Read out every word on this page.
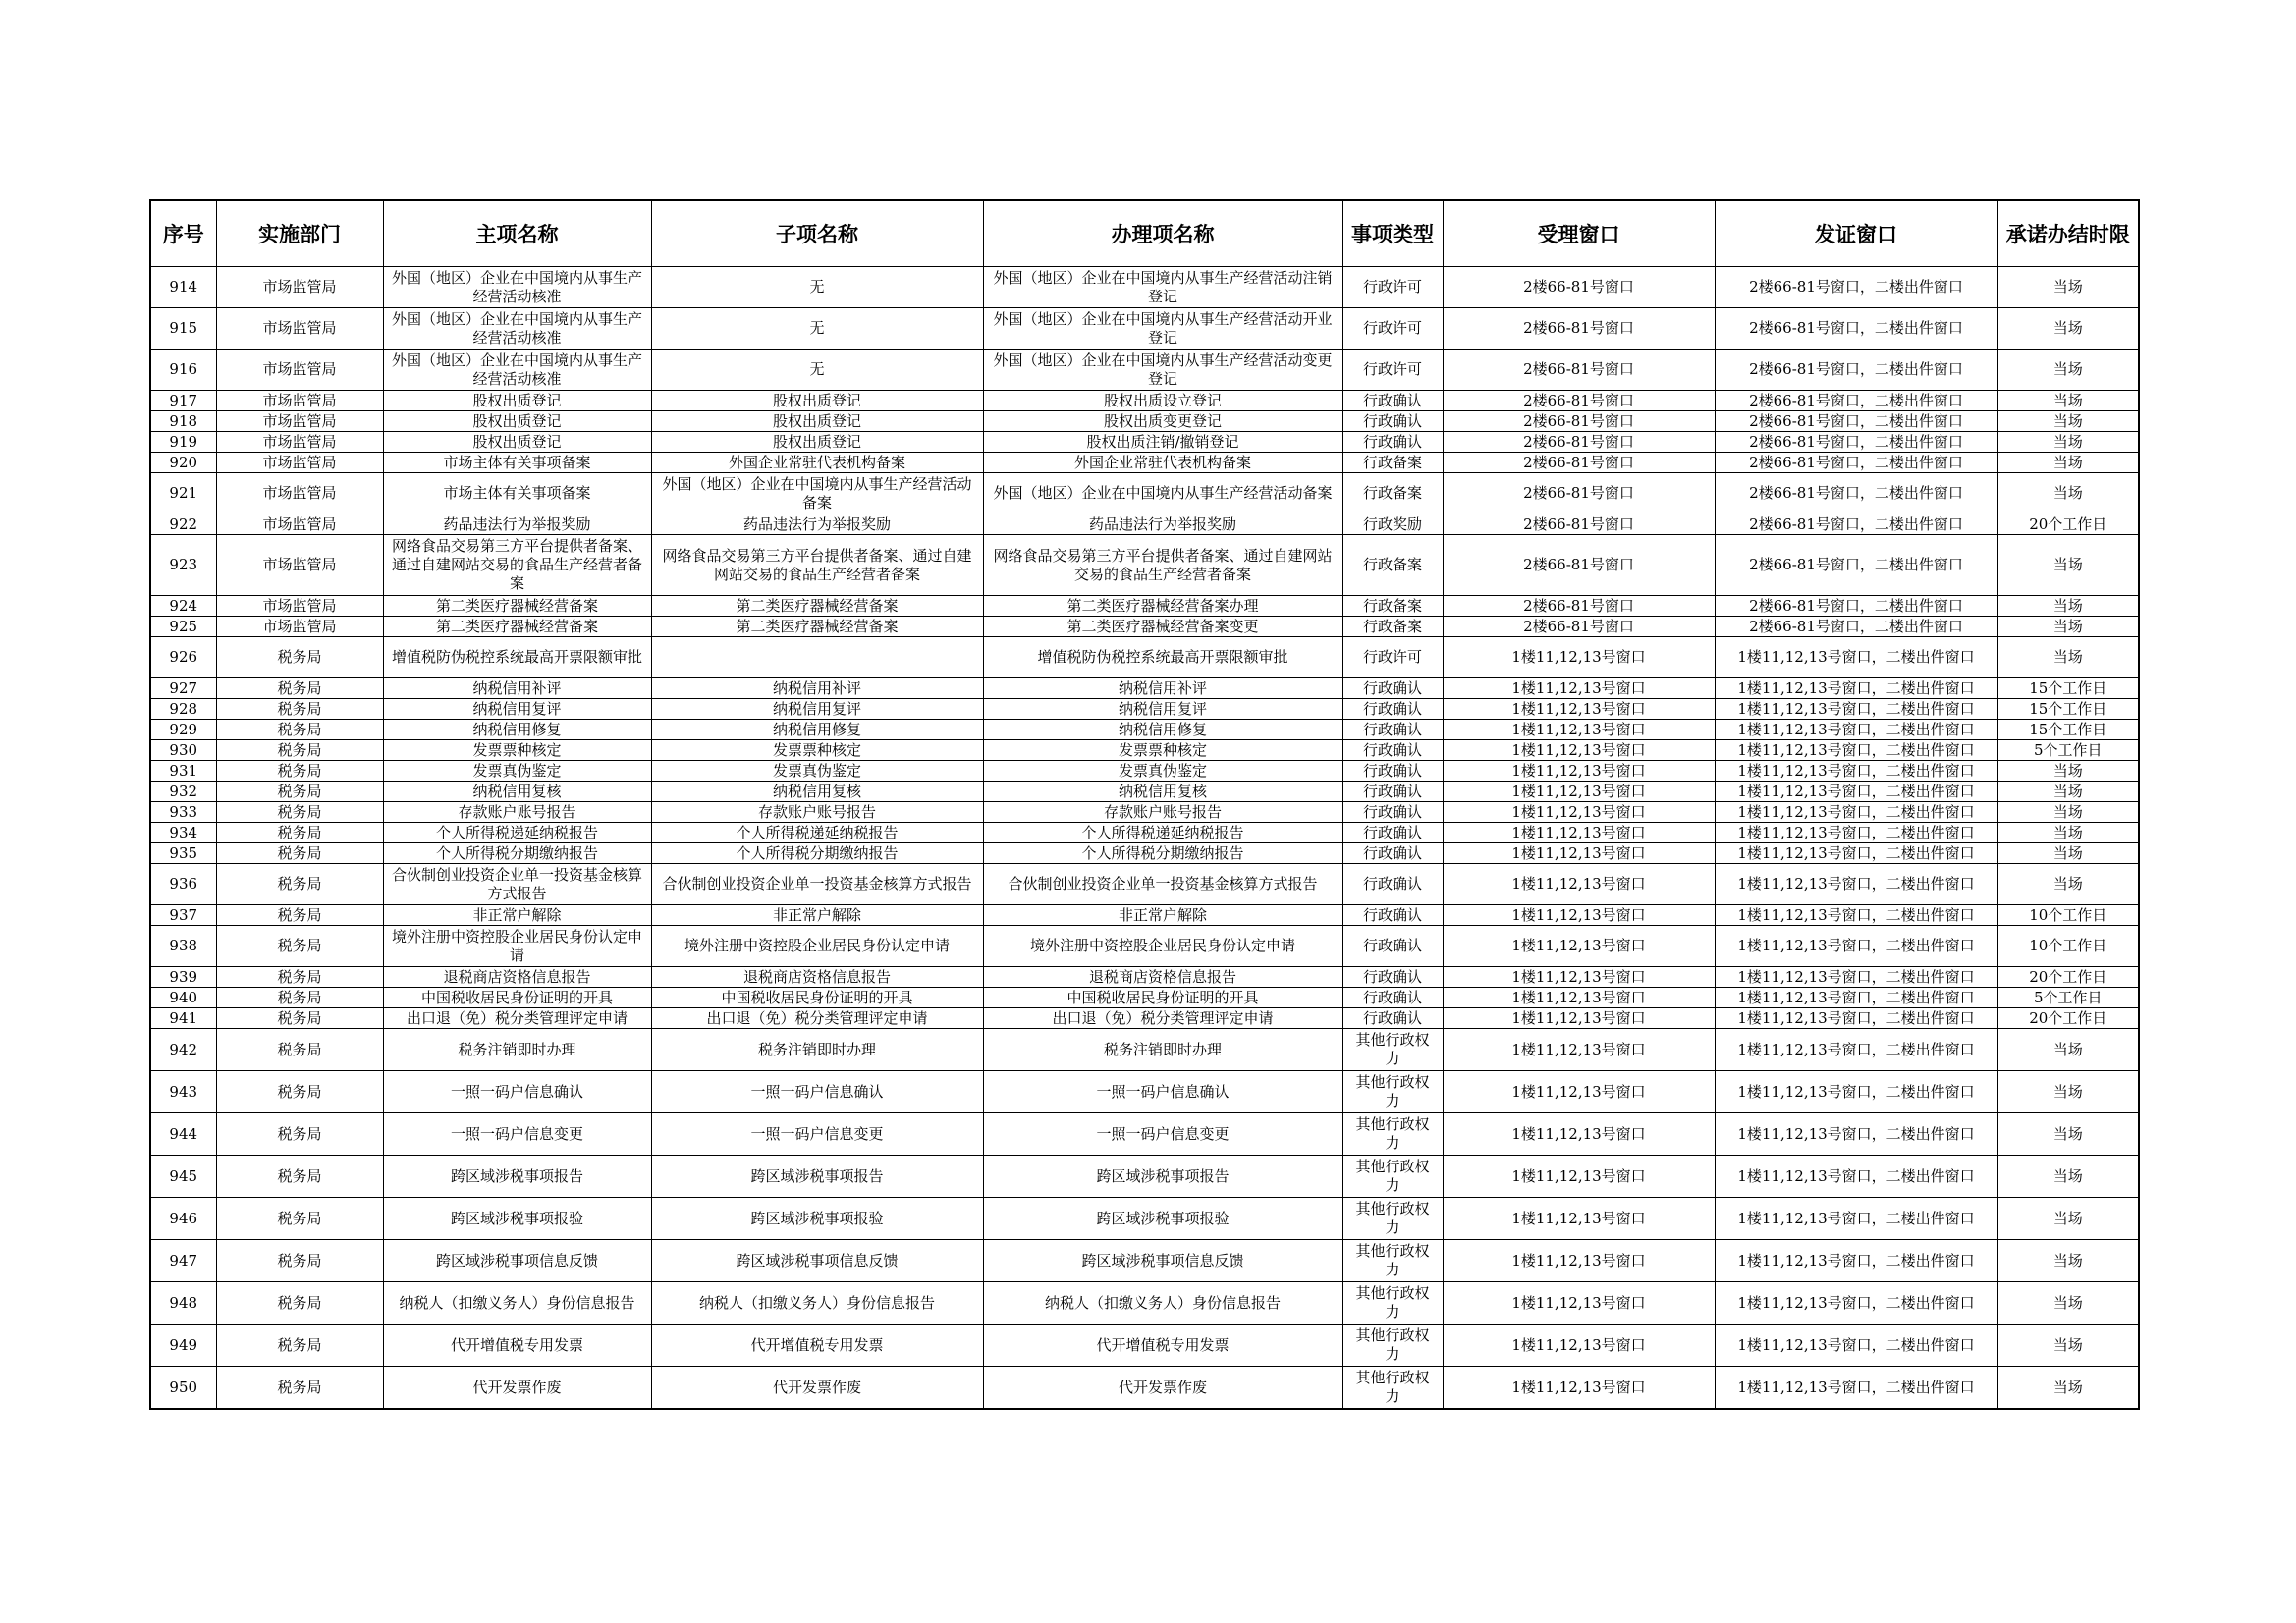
序号	实施部门	主项名称	子项名称	办理项名称	事项类型	受理窗口	发证窗口	承诺办结时限
914	市场监管局	外国（地区）企业在中国境内从事生产经营活动核准	无	外国（地区）企业在中国境内从事生产经营活动注销登记	行政许可	2楼66-81号窗口	2楼66-81号窗口，二楼出件窗口	当场
915	市场监管局	外国（地区）企业在中国境内从事生产经营活动核准	无	外国（地区）企业在中国境内从事生产经营活动开业登记	行政许可	2楼66-81号窗口	2楼66-81号窗口，二楼出件窗口	当场
916	市场监管局	外国（地区）企业在中国境内从事生产经营活动核准	无	外国（地区）企业在中国境内从事生产经营活动变更登记	行政许可	2楼66-81号窗口	2楼66-81号窗口，二楼出件窗口	当场
917	市场监管局	股权出质登记	股权出质登记	股权出质设立登记	行政确认	2楼66-81号窗口	2楼66-81号窗口，二楼出件窗口	当场
918	市场监管局	股权出质登记	股权出质登记	股权出质变更登记	行政确认	2楼66-81号窗口	2楼66-81号窗口，二楼出件窗口	当场
919	市场监管局	股权出质登记	股权出质登记	股权出质注销/撤销登记	行政确认	2楼66-81号窗口	2楼66-81号窗口，二楼出件窗口	当场
920	市场监管局	市场主体有关事项备案	外国企业常驻代表机构备案	外国企业常驻代表机构备案	行政备案	2楼66-81号窗口	2楼66-81号窗口，二楼出件窗口	当场
921	市场监管局	市场主体有关事项备案	外国（地区）企业在中国境内从事生产经营活动备案	外国（地区）企业在中国境内从事生产经营活动备案	行政备案	2楼66-81号窗口	2楼66-81号窗口，二楼出件窗口	当场
922	市场监管局	药品违法行为举报奖励	药品违法行为举报奖励	药品违法行为举报奖励	行政奖励	2楼66-81号窗口	2楼66-81号窗口，二楼出件窗口	20个工作日
923	市场监管局	网络食品交易第三方平台提供者备案、通过自建网站交易的食品生产经营者备案	网络食品交易第三方平台提供者备案、通过自建网站交易的食品生产经营者备案	网络食品交易第三方平台提供者备案、通过自建网站交易的食品生产经营者备案	行政备案	2楼66-81号窗口	2楼66-81号窗口，二楼出件窗口	当场
924	市场监管局	第二类医疗器械经营备案	第二类医疗器械经营备案	第二类医疗器械经营备案办理	行政备案	2楼66-81号窗口	2楼66-81号窗口，二楼出件窗口	当场
925	市场监管局	第二类医疗器械经营备案	第二类医疗器械经营备案	第二类医疗器械经营备案变更	行政备案	2楼66-81号窗口	2楼66-81号窗口，二楼出件窗口	当场
926	税务局	增值税防伪税控系统最高开票限额审批		增值税防伪税控系统最高开票限额审批	行政许可	1楼11,12,13号窗口	1楼11,12,13号窗口，二楼出件窗口	当场
927	税务局	纳税信用补评	纳税信用补评	纳税信用补评	行政确认	1楼11,12,13号窗口	1楼11,12,13号窗口，二楼出件窗口	15个工作日
928	税务局	纳税信用复评	纳税信用复评	纳税信用复评	行政确认	1楼11,12,13号窗口	1楼11,12,13号窗口，二楼出件窗口	15个工作日
929	税务局	纳税信用修复	纳税信用修复	纳税信用修复	行政确认	1楼11,12,13号窗口	1楼11,12,13号窗口，二楼出件窗口	15个工作日
930	税务局	发票票种核定	发票票种核定	发票票种核定	行政确认	1楼11,12,13号窗口	1楼11,12,13号窗口，二楼出件窗口	5个工作日
931	税务局	发票真伪鉴定	发票真伪鉴定	发票真伪鉴定	行政确认	1楼11,12,13号窗口	1楼11,12,13号窗口，二楼出件窗口	当场
932	税务局	纳税信用复核	纳税信用复核	纳税信用复核	行政确认	1楼11,12,13号窗口	1楼11,12,13号窗口，二楼出件窗口	当场
933	税务局	存款账户账号报告	存款账户账号报告	存款账户账号报告	行政确认	1楼11,12,13号窗口	1楼11,12,13号窗口，二楼出件窗口	当场
934	税务局	个人所得税递延纳税报告	个人所得税递延纳税报告	个人所得税递延纳税报告	行政确认	1楼11,12,13号窗口	1楼11,12,13号窗口，二楼出件窗口	当场
935	税务局	个人所得税分期缴纳报告	个人所得税分期缴纳报告	个人所得税分期缴纳报告	行政确认	1楼11,12,13号窗口	1楼11,12,13号窗口，二楼出件窗口	当场
936	税务局	合伙制创业投资企业单一投资基金核算方式报告	合伙制创业投资企业单一投资基金核算方式报告	合伙制创业投资企业单一投资基金核算方式报告	行政确认	1楼11,12,13号窗口	1楼11,12,13号窗口，二楼出件窗口	当场
937	税务局	非正常户解除	非正常户解除	非正常户解除	行政确认	1楼11,12,13号窗口	1楼11,12,13号窗口，二楼出件窗口	10个工作日
938	税务局	境外注册中资控股企业居民身份认定申请	境外注册中资控股企业居民身份认定申请	境外注册中资控股企业居民身份认定申请	行政确认	1楼11,12,13号窗口	1楼11,12,13号窗口，二楼出件窗口	10个工作日
939	税务局	退税商店资格信息报告	退税商店资格信息报告	退税商店资格信息报告	行政确认	1楼11,12,13号窗口	1楼11,12,13号窗口，二楼出件窗口	20个工作日
940	税务局	中国税收居民身份证明的开具	中国税收居民身份证明的开具	中国税收居民身份证明的开具	行政确认	1楼11,12,13号窗口	1楼11,12,13号窗口，二楼出件窗口	5个工作日
941	税务局	出口退（免）税分类管理评定申请	出口退（免）税分类管理评定申请	出口退（免）税分类管理评定申请	行政确认	1楼11,12,13号窗口	1楼11,12,13号窗口，二楼出件窗口	20个工作日
942	税务局	税务注销即时办理	税务注销即时办理	税务注销即时办理	其他行政权力	1楼11,12,13号窗口	1楼11,12,13号窗口，二楼出件窗口	当场
943	税务局	一照一码户信息确认	一照一码户信息确认	一照一码户信息确认	其他行政权力	1楼11,12,13号窗口	1楼11,12,13号窗口，二楼出件窗口	当场
944	税务局	一照一码户信息变更	一照一码户信息变更	一照一码户信息变更	其他行政权力	1楼11,12,13号窗口	1楼11,12,13号窗口，二楼出件窗口	当场
945	税务局	跨区域涉税事项报告	跨区域涉税事项报告	跨区域涉税事项报告	其他行政权力	1楼11,12,13号窗口	1楼11,12,13号窗口，二楼出件窗口	当场
946	税务局	跨区域涉税事项报验	跨区域涉税事项报验	跨区域涉税事项报验	其他行政权力	1楼11,12,13号窗口	1楼11,12,13号窗口，二楼出件窗口	当场
947	税务局	跨区域涉税事项信息反馈	跨区域涉税事项信息反馈	跨区域涉税事项信息反馈	其他行政权力	1楼11,12,13号窗口	1楼11,12,13号窗口，二楼出件窗口	当场
948	税务局	纳税人（扣缴义务人）身份信息报告	纳税人（扣缴义务人）身份信息报告	纳税人（扣缴义务人）身份信息报告	其他行政权力	1楼11,12,13号窗口	1楼11,12,13号窗口，二楼出件窗口	当场
949	税务局	代开增值税专用发票	代开增值税专用发票	代开增值税专用发票	其他行政权力	1楼11,12,13号窗口	1楼11,12,13号窗口，二楼出件窗口	当场
950	税务局	代开发票作废	代开发票作废	代开发票作废	其他行政权力	1楼11,12,13号窗口	1楼11,12,13号窗口，二楼出件窗口	当场
